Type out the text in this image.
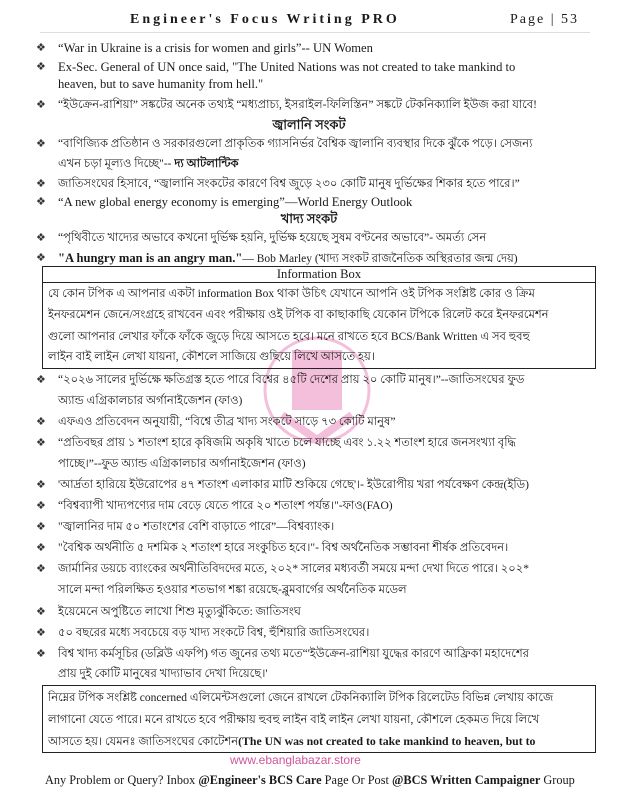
Engineer's Focus Writing PRO	Page | 53
www.ebanglabazar.store
❖ “War in Ukraine is a crisis for women and girls”-- UN Women
❖ Ex-Sec. General of UN once said, "The United Nations was not created to take mankind to
heaven, but to save humanity from hell."
❖ “ইউক্রেন-রাশিয়া” সঙ্কটের অনেক তথ্যই “মধ্যপ্রাচ্য, ইসরাইল-ফিলিস্তিন” সঙ্কটে টেকনিক্যালি ইউজ করা যাবে!
জ্বালানি সংকট
❖ “বাণিজ্যিক প্রতিষ্ঠান ও সরকারগুলো প্রাকৃতিক গ্যাসনির্ভর বৈশ্বিক জ্বালানি ব্যবস্থার দিকে ঝুঁকে পড়ে। সেজন্য
এখন চড়া মূল্যও দিচ্ছে"-- দ্য আটলান্টিক
❖ জাতিসংঘের হিসাবে, “জ্বালানি সংকটের কারণে বিশ্ব জুড়ে ২৩০ কোটি মানুষ দুর্ভিক্ষের শিকার হতে পারে।”
❖ “A new global energy economy is emerging”—World Energy Outlook
খাদ্য সংকট
❖ “পৃথিবীতে খাদ্যের অভাবে কখনো দুর্ভিক্ষ হয়নি, দুর্ভিক্ষ হয়েছে সুষম বণ্টনের অভাবে”- অমর্ত্য সেন
❖ "A hungry man is an angry man."— Bob Marley (খাদ্য সংকট রাজনৈতিক অস্থিরতার জন্ম দেয়)
Information Box
যে কোন টপিক এ আপনার একটা information Box থাকা উচিৎ যেখানে আপনি ওই টপিক সংশ্লিষ্ট কোর ও ক্রিম
ইনফরমেশন জেনে/সংগ্রহে রাখবেন এবং পরীক্ষায় ওই টপিক বা কাছাকাছি যেকোন টপিকে রিলেট করে ইনফরমেশন
গুলো আপনার লেখার ফাঁকে ফাঁকে জুড়ে দিয়ে আসতে হবে। মনে রাখতে হবে BCS/Bank Written এ সব হুবহু
লাইন বাই লাইন লেখা যায়না, কৌশলে সাজিয়ে গুছিয়ে লিখে আসতে হয়।
❖ “২০২৬ সালের দুর্ভিক্ষে ক্ষতিগ্রস্ত হতে পারে বিশ্বের ৪৫টি দেশের প্রায় ২০ কোটি মানুষ।”--জাতিসংঘের ফুড
অ্যান্ড এগ্রিকালচার অর্গানাইজেশন (ফাও)
❖ এফএও প্রতিবেদন অনুযায়ী, “বিশ্বে তীব্র খাদ্য সংকটে সাড়ে ৭৩ কোটি মানুষ”
❖ “প্রতিবছর প্রায় ১ শতাংশ হারে কৃষিজমি অকৃষি খাতে চলে যাচ্ছে এবং ১.২২ শতাংশ হারে জনসংখ্যা বৃদ্ধি
পাচ্ছে।”--ফুড অ্যান্ড এগ্রিকালচার অর্গানাইজেশন (ফাও)
❖ 'আর্দ্রতা হারিয়ে ইউরোপের ৪৭ শতাংশ এলাকার মাটি শুকিয়ে গেছে'।- ইউরোপীয় খরা পর্যবেক্ষণ কেন্দ্র(ইডি)
❖ “বিশ্বব্যাপী খাদ্যপণ্যের দাম বেড়ে যেতে পারে ২০ শতাংশ পর্যন্ত।"-ফাও(FAO)
❖ "জ্বালানির দাম ৫০ শতাংশের বেশি বাড়াতে পারে”—বিশ্বব্যাংক।
❖ "বৈশ্বিক অর্থনীতি ৫ দশমিক ২ শতাংশ হারে সংকুচিত হবে।"- বিশ্ব অর্থনৈতিক সম্ভাবনা শীর্ষক প্রতিবেদন।
❖ জার্মানির ডয়চে ব্যাংকের অর্থনীতিবিদদের মতে, ২০২* সালের মধ্যবর্তী সময়ে মন্দা দেখা দিতে পারে। ২০২*
সালে মন্দা পরিলক্ষিত হওয়ার শতভাগ শঙ্কা রয়েছে-ব্লুমবার্গের অর্থনৈতিক মডেল
❖ ইয়েমেনে অপুষ্টিতে লাখো শিশু মৃত্যুঝুঁকিতে: জাতিসংঘ
❖ ৫০ বছরের মধ্যে সবচেয়ে বড় খাদ্য সংকটে বিশ্ব, হুঁশিয়ারি জাতিসংঘের।
❖ বিশ্ব খাদ্য কর্মসূচির (ডব্লিউ এফপি) গত জুনের তথ্য মতে“'ইউক্রেন-রাশিয়া যুদ্ধের কারণে আফ্রিকা মহাদেশের
প্রায় দুই কোটি মানুষের খাদ্যাভাব দেখা দিয়েছে।'
নিম্নের টপিক সংশ্লিষ্ট concerned এলিমেন্টসগুলো জেনে রাখলে টেকনিক্যালি টপিক রিলেটেড বিভিন্ন লেখায় কাজে
লাগানো যেতে পারে। মনে রাখতে হবে পরীক্ষায় হুবহু লাইন বাই লাইন লেখা যায়না, কৌশলে হেকমত দিয়ে লিখে
আসতে হয়। যেমনঃ জাতিসংঘের কোটেশন(The UN was not created to take mankind to heaven, but to
Any Problem or Query? Inbox @Engineer's BCS Care Page Or Post @BCS Written Campaigner Group
